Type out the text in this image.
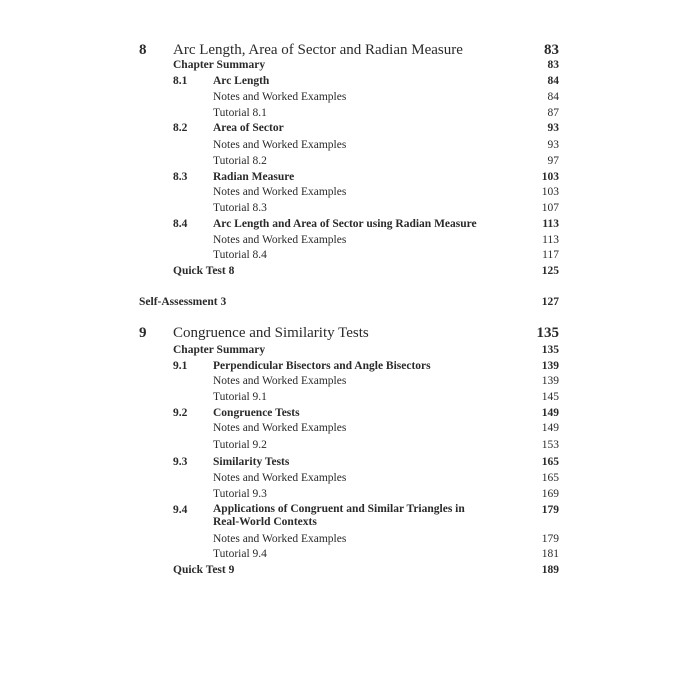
8 Arc Length, Area of Sector and Radian Measure	83
Chapter Summary	83
8.1 Arc Length	84
Notes and Worked Examples	84
Tutorial 8.1	87
8.2 Area of Sector	93
Notes and Worked Examples	93
Tutorial 8.2	97
8.3 Radian Measure	103
Notes and Worked Examples	103
Tutorial 8.3	107
8.4 Arc Length and Area of Sector using Radian Measure	113
Notes and Worked Examples	113
Tutorial 8.4	117
Quick Test 8	125
Self-Assessment 3	127
9 Congruence and Similarity Tests	135
Chapter Summary	135
9.1 Perpendicular Bisectors and Angle Bisectors	139
Notes and Worked Examples	139
Tutorial 9.1	145
9.2 Congruence Tests	149
Notes and Worked Examples	149
Tutorial 9.2	153
9.3 Similarity Tests	165
Notes and Worked Examples	165
Tutorial 9.3	169
9.4 Applications of Congruent and Similar Triangles in	179
Real-World Contexts
Notes and Worked Examples	179
Tutorial 9.4	181
Quick Test 9	189
